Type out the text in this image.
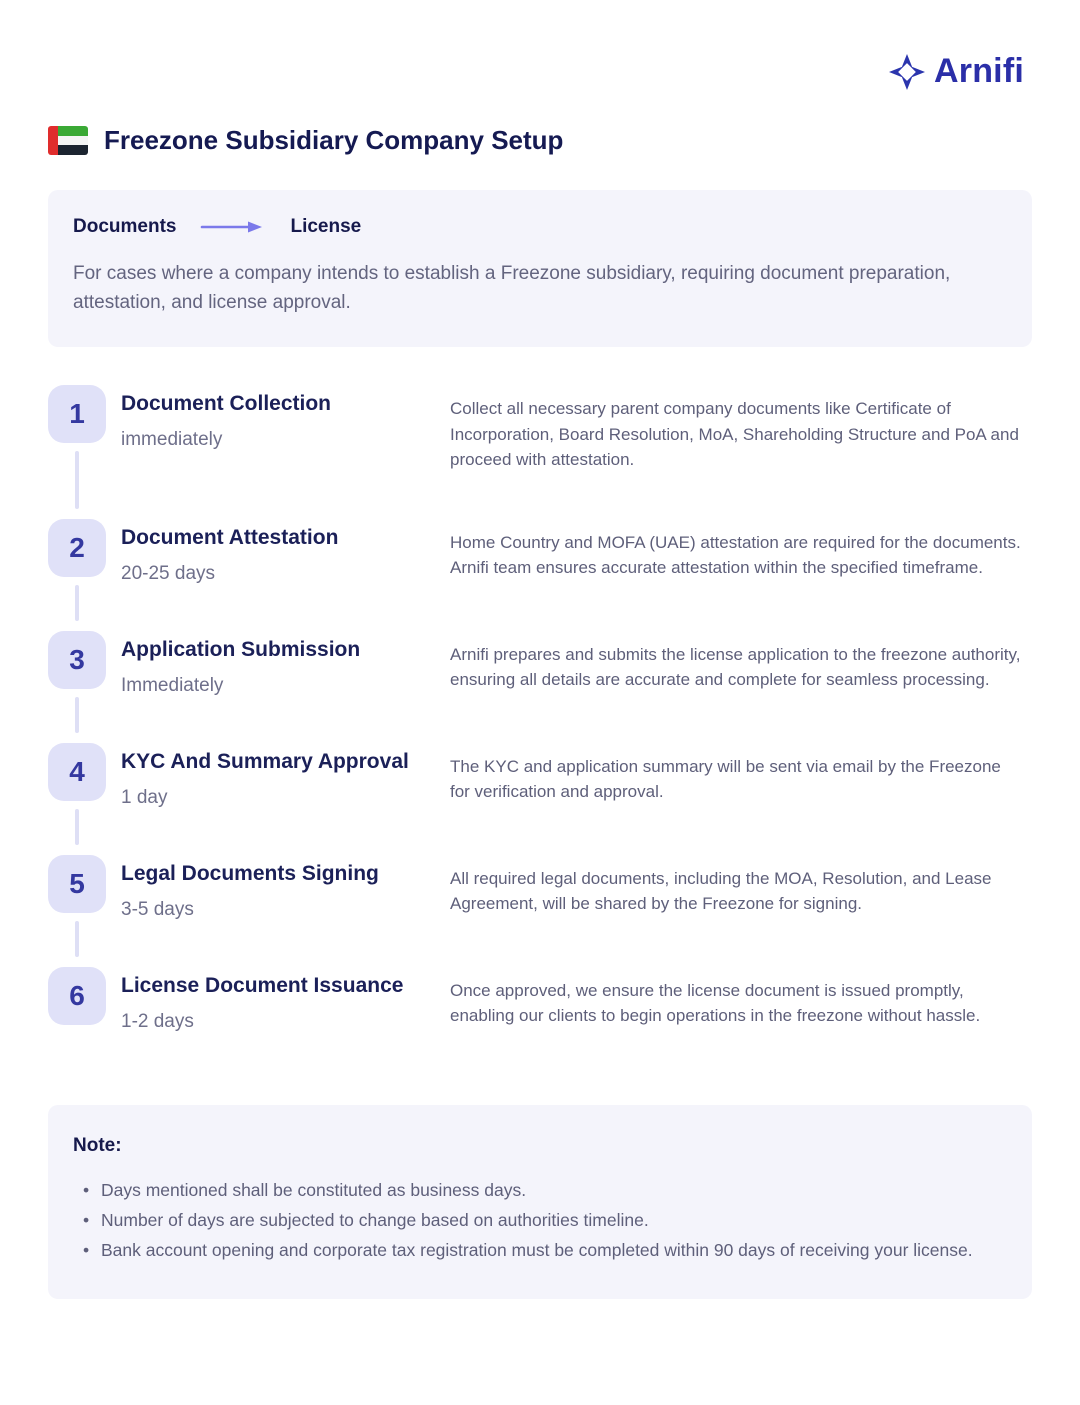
Arnifi
Freezone Subsidiary Company Setup
Documents	License

For cases where a company intends to establish a Freezone subsidiary, requiring document preparation, attestation, and license approval.

1	Document Collection
immediately

Collect all necessary parent company documents like Certificate of Incorporation, Board Resolution, MoA, Shareholding Structure and PoA and proceed with attestation.

2	Document Attestation
20-25 days

Home Country and MOFA (UAE) attestation are required for the documents. Arnifi team ensures accurate attestation within the specified timeframe.

3	Application Submission
Immediately

Arnifi prepares and submits the license application to the freezone authority, ensuring all details are accurate and complete for seamless processing.

4	KYC And Summary Approval
1 day

The KYC and application summary will be sent via email by the Freezone for verification and approval.

5	Legal Documents Signing
3-5 days

All required legal documents, including the MOA, Resolution, and Lease Agreement, will be shared by the Freezone for signing.

6	License Document Issuance
1-2 days

Once approved, we ensure the license document is issued promptly, enabling our clients to begin operations in the freezone without hassle.

Note:
• Days mentioned shall be constituted as business days.
• Number of days are subjected to change based on authorities timeline.
• Bank account opening and corporate tax registration must be completed within 90 days of receiving your license.
